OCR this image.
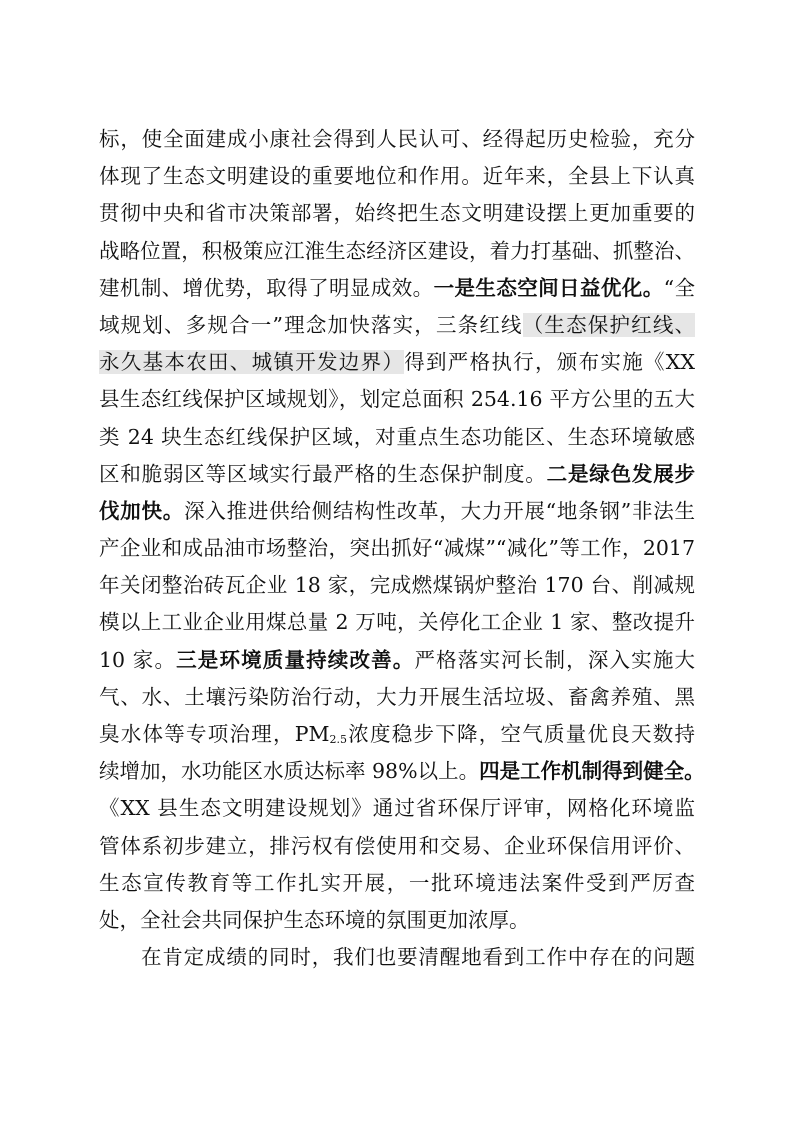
标，使全面建成小康社会得到人民认可、经得起历史检验，充分
体现了生态文明建设的重要地位和作用。近年来，全县上下认真
贯彻中央和省市决策部署，始终把生态文明建设摆上更加重要的
战略位置，积极策应江淮生态经济区建设，着力打基础、抓整治、
建机制、增优势，取得了明显成效。一是生态空间日益优化。“全
域规划、多规合一”理念加快落实，三条红线（生态保护红线、
永久基本农田、城镇开发边界）得到严格执行，颁布实施《XX
县生态红线保护区域规划》，划定总面积 254.16 平方公里的五大
类 24 块生态红线保护区域，对重点生态功能区、生态环境敏感
区和脆弱区等区域实行最严格的生态保护制度。二是绿色发展步
伐加快。深入推进供给侧结构性改革，大力开展“地条钢”非法生
产企业和成品油市场整治，突出抓好“减煤”“减化”等工作，2017
年关闭整治砖瓦企业 18 家，完成燃煤锅炉整治 170 台、削减规
模以上工业企业用煤总量 2 万吨，关停化工企业 1 家、整改提升
10 家。三是环境质量持续改善。严格落实河长制，深入实施大
气、水、土壤污染防治行动，大力开展生活垃圾、畜禽养殖、黑
臭水体等专项治理，PM2.5浓度稳步下降，空气质量优良天数持
续增加，水功能区水质达标率 98%以上。四是工作机制得到健全。
《XX 县生态文明建设规划》通过省环保厅评审，网格化环境监
管体系初步建立，排污权有偿使用和交易、企业环保信用评价、
生态宣传教育等工作扎实开展，一批环境违法案件受到严厉查
处，全社会共同保护生态环境的氛围更加浓厚。
在肯定成绩的同时，我们也要清醒地看到工作中存在的问题
